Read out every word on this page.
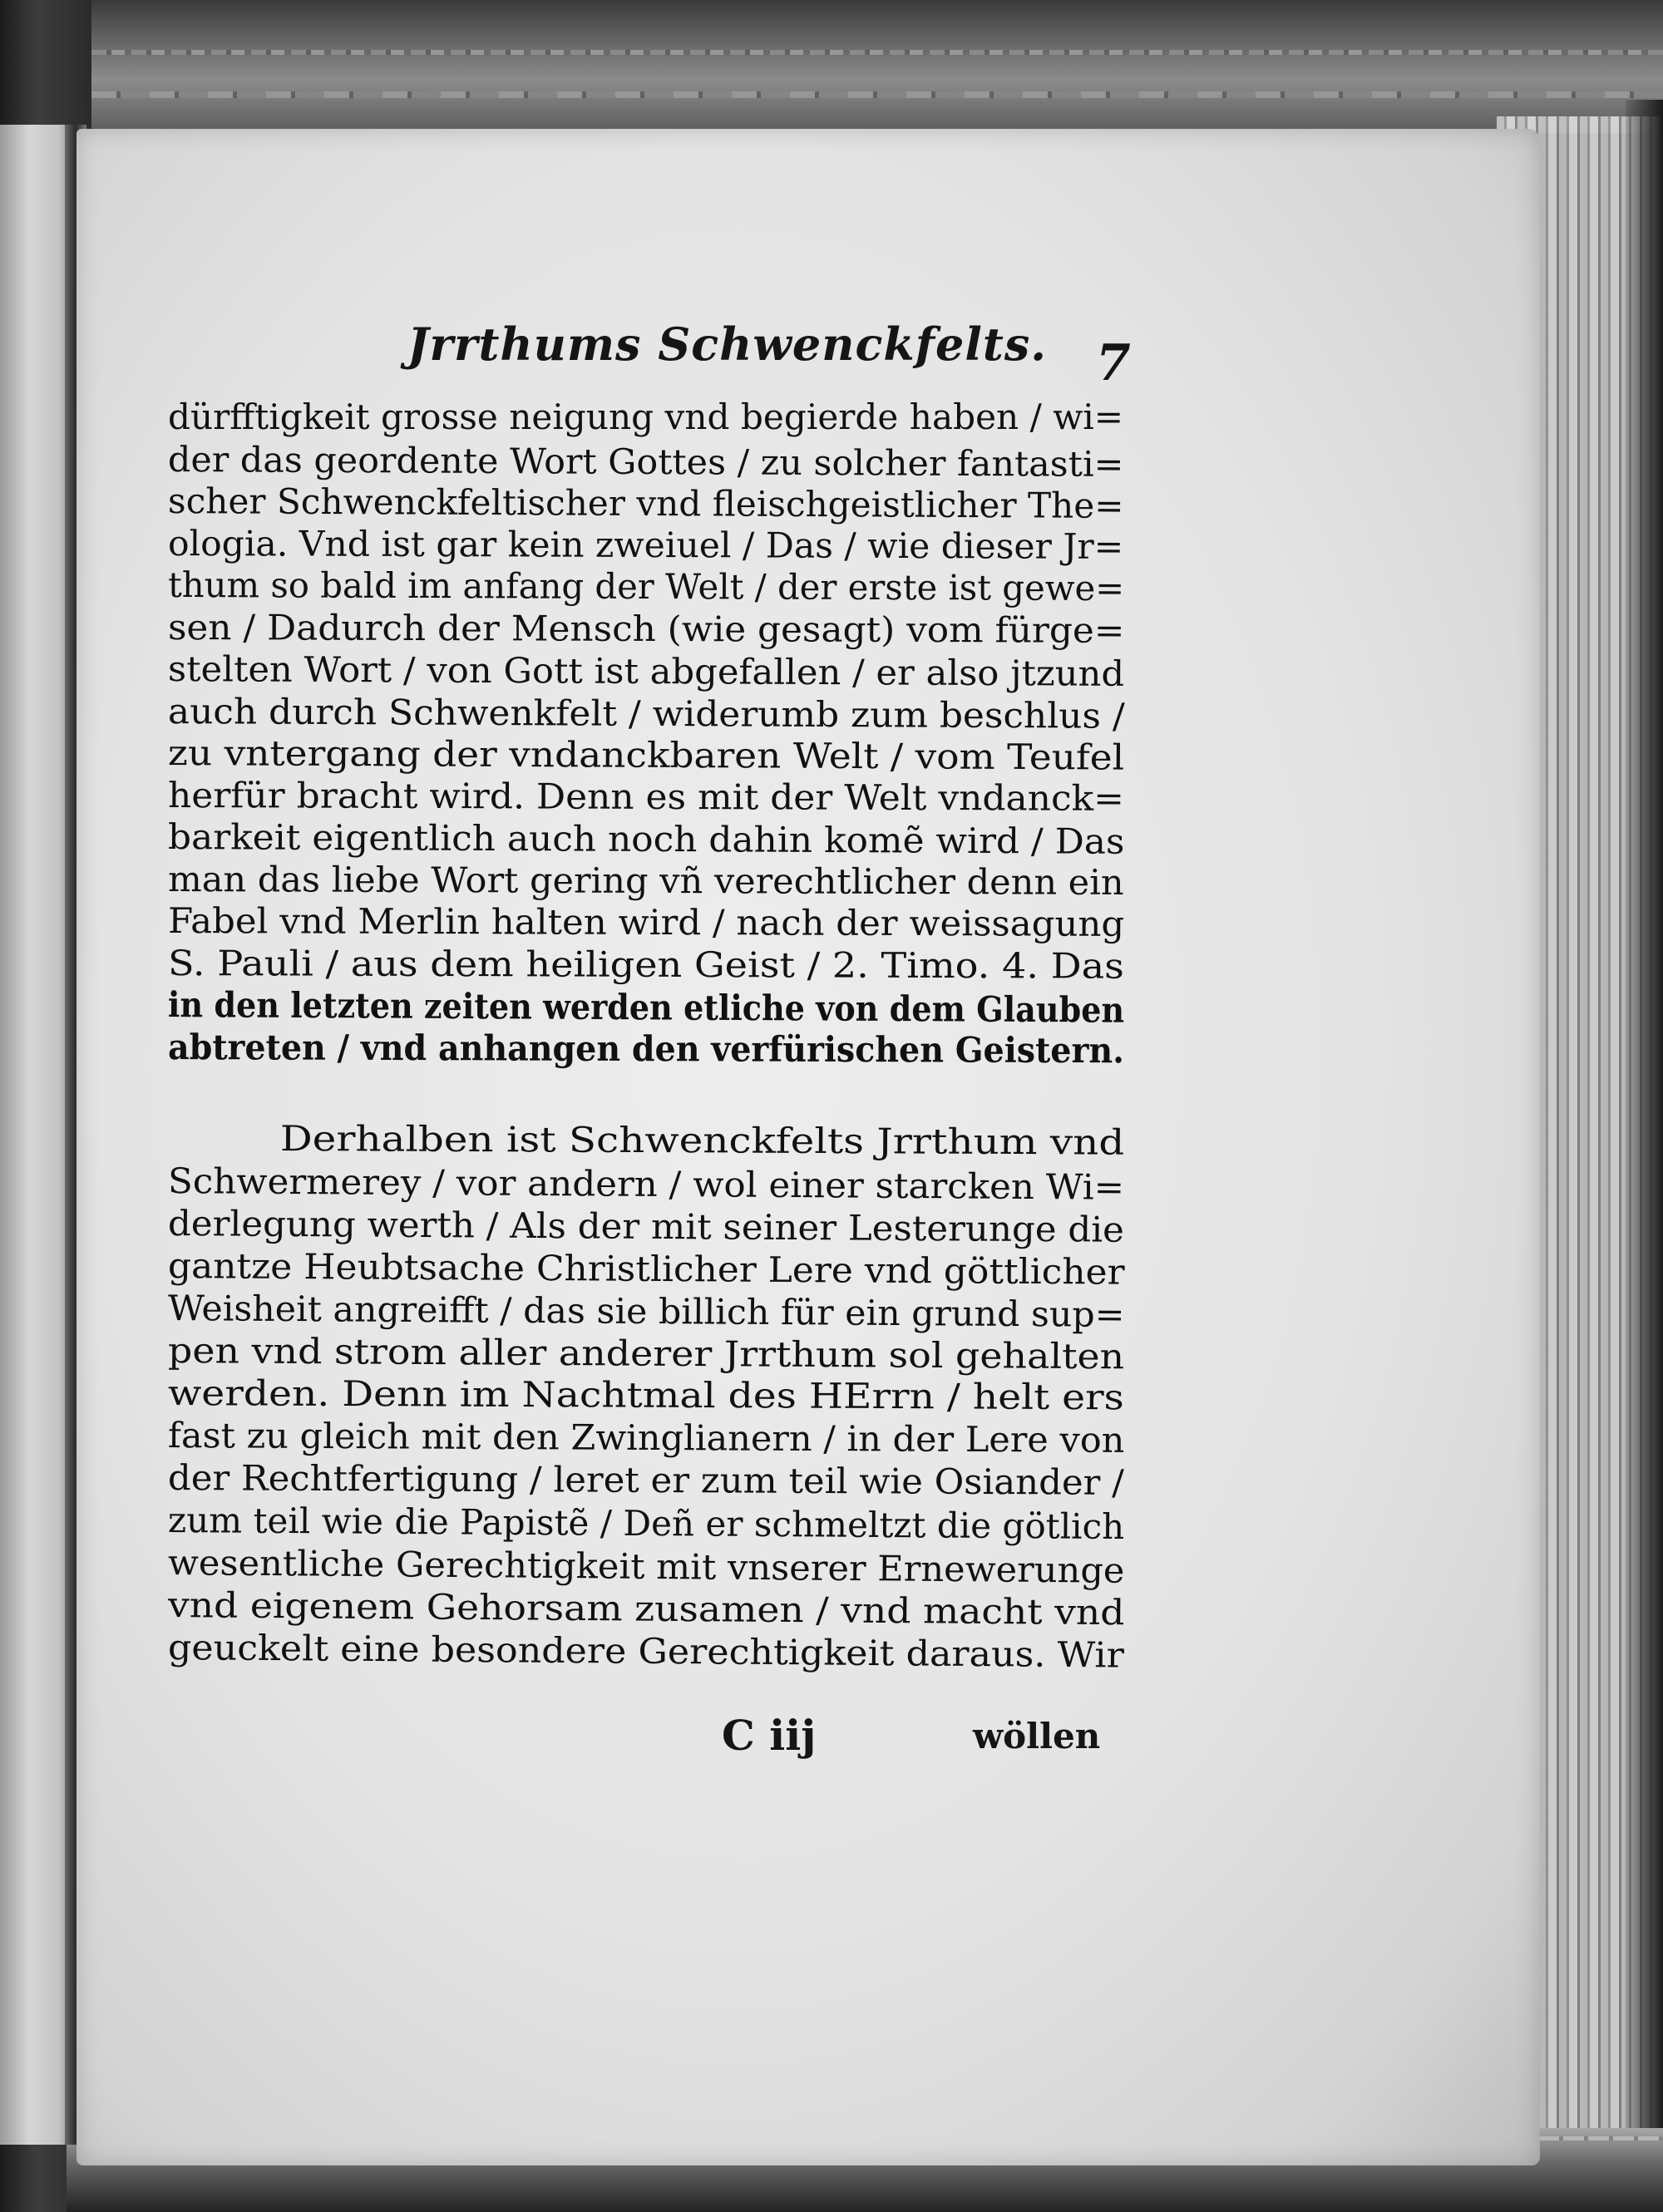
Jrrthums Schwenckfelts. 7
dürfftigkeit grosse neigung vnd begierde haben / wi=
der das geordente Wort Gottes / zu solcher fantasti=
scher Schwenckfeltischer vnd fleischgeistlicher The=
ologia. Vnd ist gar kein zweiuel / Das / wie dieser Jr=
thum so bald im anfang der Welt / der erste ist gewe=
sen / Dadurch der Mensch (wie gesagt) vom fürge=
stelten Wort / von Gott ist abgefallen / er also jtzund
auch durch Schwenkfelt / widerumb zum beschlus /
zu vntergang der vndanckbaren Welt / vom Teufel
herfür bracht wird. Denn es mit der Welt vndanck=
barkeit eigentlich auch noch dahin komẽ wird / Das
man das liebe Wort gering vñ verechtlicher denn ein
Fabel vnd Merlin halten wird / nach der weissagung
S. Pauli / aus dem heiligen Geist / 2. Timo. 4. Das
in den letzten zeiten werden etliche von dem Glauben
abtreten / vnd anhangen den verfürischen Geistern.
Derhalben ist Schwenckfelts Jrrthum vnd
Schwermerey / vor andern / wol einer starcken Wi=
derlegung werth / Als der mit seiner Lesterunge die
gantze Heubtsache Christlicher Lere vnd göttlicher
Weisheit angreifft / das sie billich für ein grund sup=
pen vnd strom aller anderer Jrrthum sol gehalten
werden. Denn im Nachtmal des HErrn / helt ers
fast zu gleich mit den Zwinglianern / in der Lere von
der Rechtfertigung / leret er zum teil wie Osiander /
zum teil wie die Papistẽ / Deñ er schmeltzt die götlich
wesentliche Gerechtigkeit mit vnserer Ernewerunge
vnd eigenem Gehorsam zusamen / vnd macht vnd
geuckelt eine besondere Gerechtigkeit daraus. Wir
C iij	wöllen
